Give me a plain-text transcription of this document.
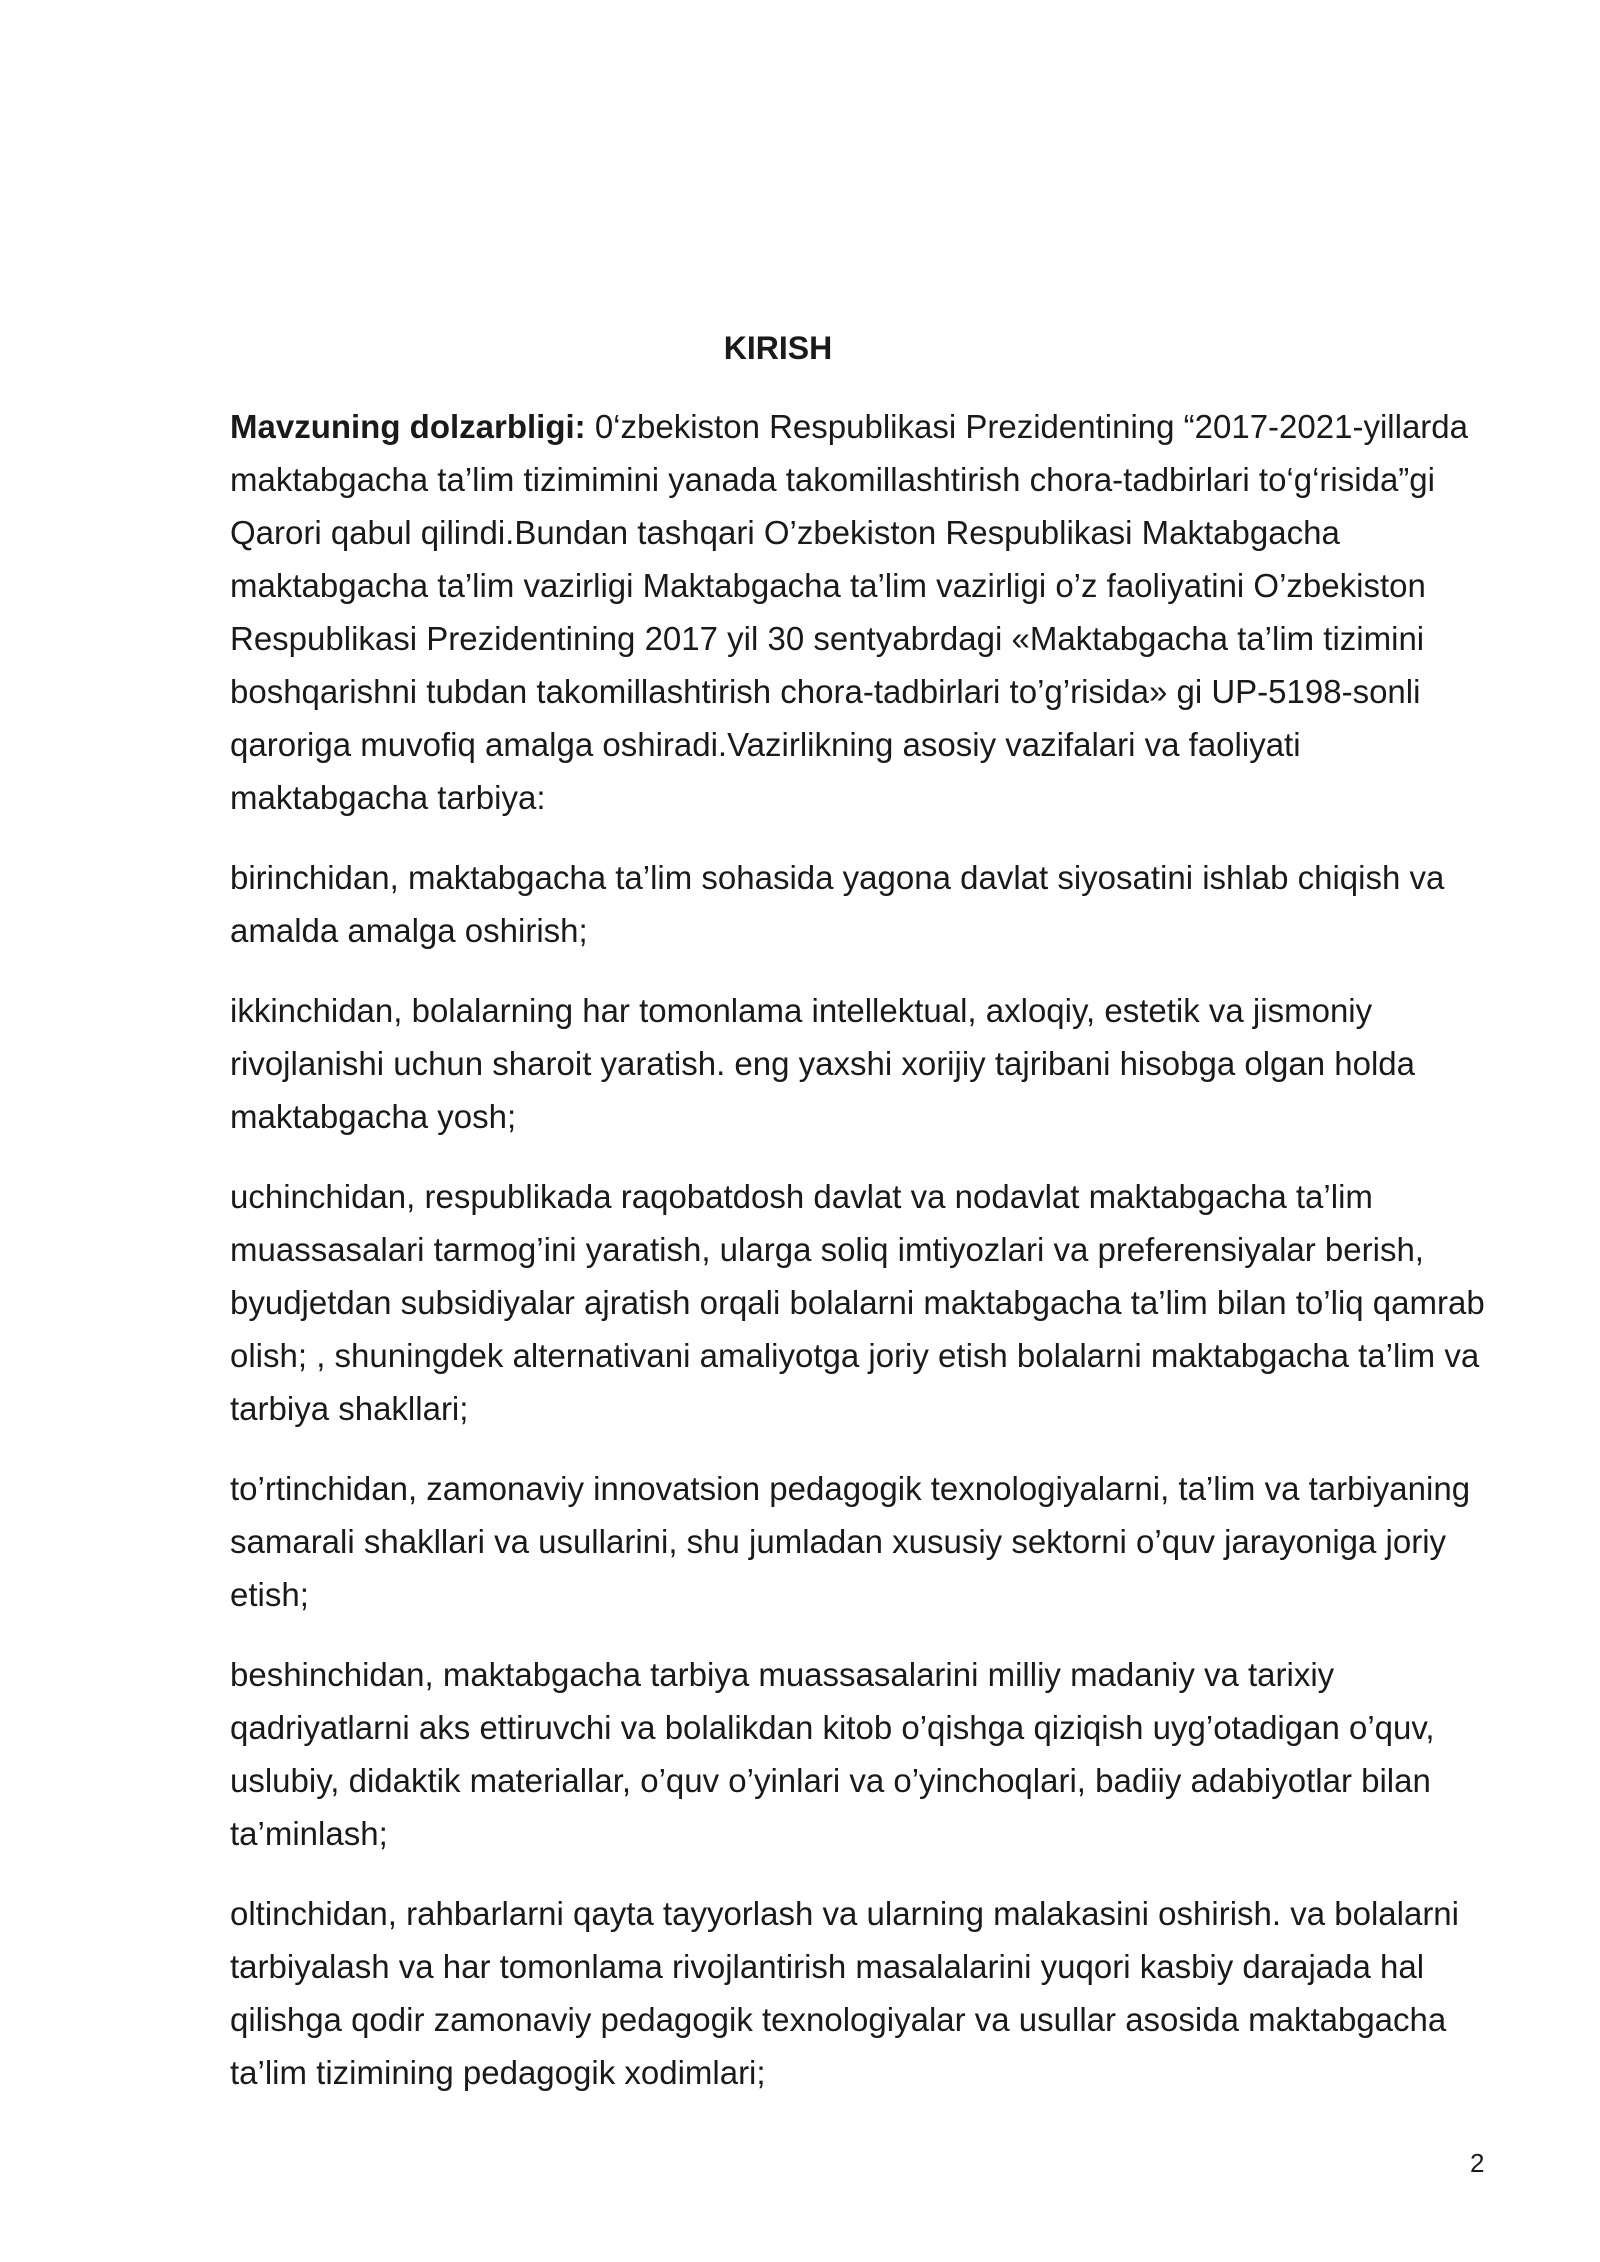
KIRISH

Mavzuning dolzarbligi: 0‘zbekiston Respublikasi Prezidentining “2017-2021-yillarda maktabgacha ta’lim tizimimini yanada takomillashtirish chora-tadbirlari to‘g‘risida”gi Qarori qabul qilindi.Bundan tashqari O’zbekiston Respublikasi Maktabgacha maktabgacha ta’lim vazirligi Maktabgacha ta’lim vazirligi o’z faoliyatini O’zbekiston Respublikasi Prezidentining 2017 yil 30 sentyabrdagi «Maktabgacha ta’lim tizimini boshqarishni tubdan takomillashtirish chora-tadbirlari to’g’risida» gi UP-5198-sonli qaroriga muvofiq amalga oshiradi.Vazirlikning asosiy vazifalari va faoliyati maktabgacha tarbiya:

birinchidan, maktabgacha ta’lim sohasida yagona davlat siyosatini ishlab chiqish va amalda amalga oshirish;

ikkinchidan, bolalarning har tomonlama intellektual, axloqiy, estetik va jismoniy rivojlanishi uchun sharoit yaratish. eng yaxshi xorijiy tajribani hisobga olgan holda maktabgacha yosh;

uchinchidan, respublikada raqobatdosh davlat va nodavlat maktabgacha ta’lim muassasalari tarmog’ini yaratish, ularga soliq imtiyozlari va preferensiyalar berish, byudjetdan subsidiyalar ajratish orqali bolalarni maktabgacha ta’lim bilan to’liq qamrab olish; , shuningdek alternativani amaliyotga joriy etish bolalarni maktabgacha ta’lim va tarbiya shakllari;

to’rtinchidan, zamonaviy innovatsion pedagogik texnologiyalarni, ta’lim va tarbiyaning samarali shakllari va usullarini, shu jumladan xususiy sektorni o’quv jarayoniga joriy etish;

beshinchidan, maktabgacha tarbiya muassasalarini milliy madaniy va tarixiy qadriyatlarni aks ettiruvchi va bolalikdan kitob o’qishga qiziqish uyg’otadigan o’quv, uslubiy, didaktik materiallar, o’quv o’yinlari va o’yinchoqlari, badiiy adabiyotlar bilan ta’minlash;

oltinchidan, rahbarlarni qayta tayyorlash va ularning malakasini oshirish. va bolalarni tarbiyalash va har tomonlama rivojlantirish masalalarini yuqori kasbiy darajada hal qilishga qodir zamonaviy pedagogik texnologiyalar va usullar asosida maktabgacha ta’lim tizimining pedagogik xodimlari;

2
